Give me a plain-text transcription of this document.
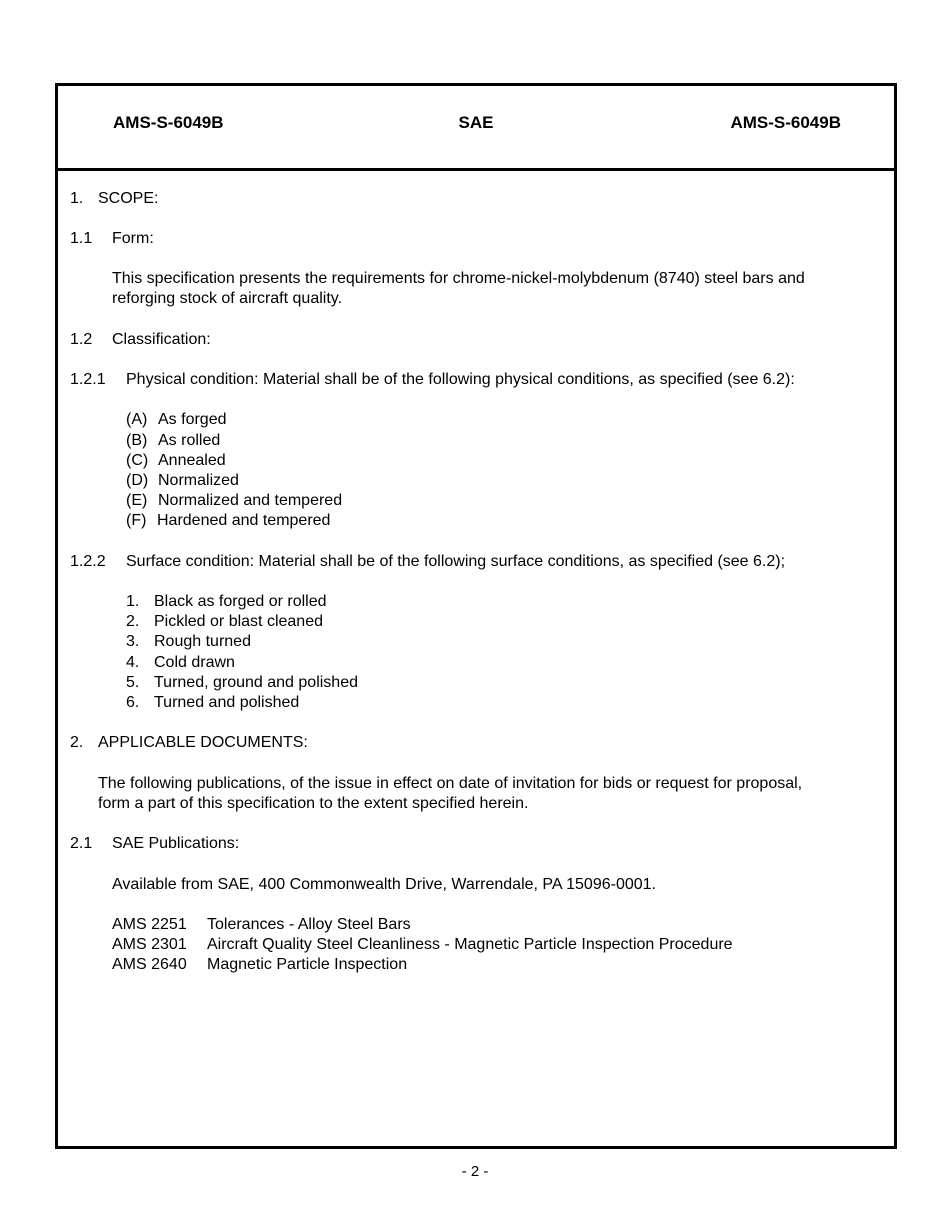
AMS-S-6049B	SAE	AMS-S-6049B
1. SCOPE:
1.1 Form:
This specification presents the requirements for chrome-nickel-molybdenum (8740) steel bars and
reforging stock of aircraft quality.
1.2 Classification:
1.2.1 Physical condition: Material shall be of the following physical conditions, as specified (see 6.2):
(A) As forged
(B) As rolled
(C) Annealed
(D) Normalized
(E) Normalized and tempered
(F) Hardened and tempered
1.2.2 Surface condition: Material shall be of the following surface conditions, as specified (see 6.2);
1. Black as forged or rolled
2. Pickled or blast cleaned
3. Rough turned
4. Cold drawn
5. Turned, ground and polished
6. Turned and polished
2. APPLICABLE DOCUMENTS:
The following publications, of the issue in effect on date of invitation for bids or request for proposal,
form a part of this specification to the extent specified herein.
2.1 SAE Publications:
Available from SAE, 400 Commonwealth Drive, Warrendale, PA 15096-0001.
AMS 2251 Tolerances - Alloy Steel Bars
AMS 2301 Aircraft Quality Steel Cleanliness - Magnetic Particle Inspection Procedure
AMS 2640 Magnetic Particle Inspection
- 2 -
